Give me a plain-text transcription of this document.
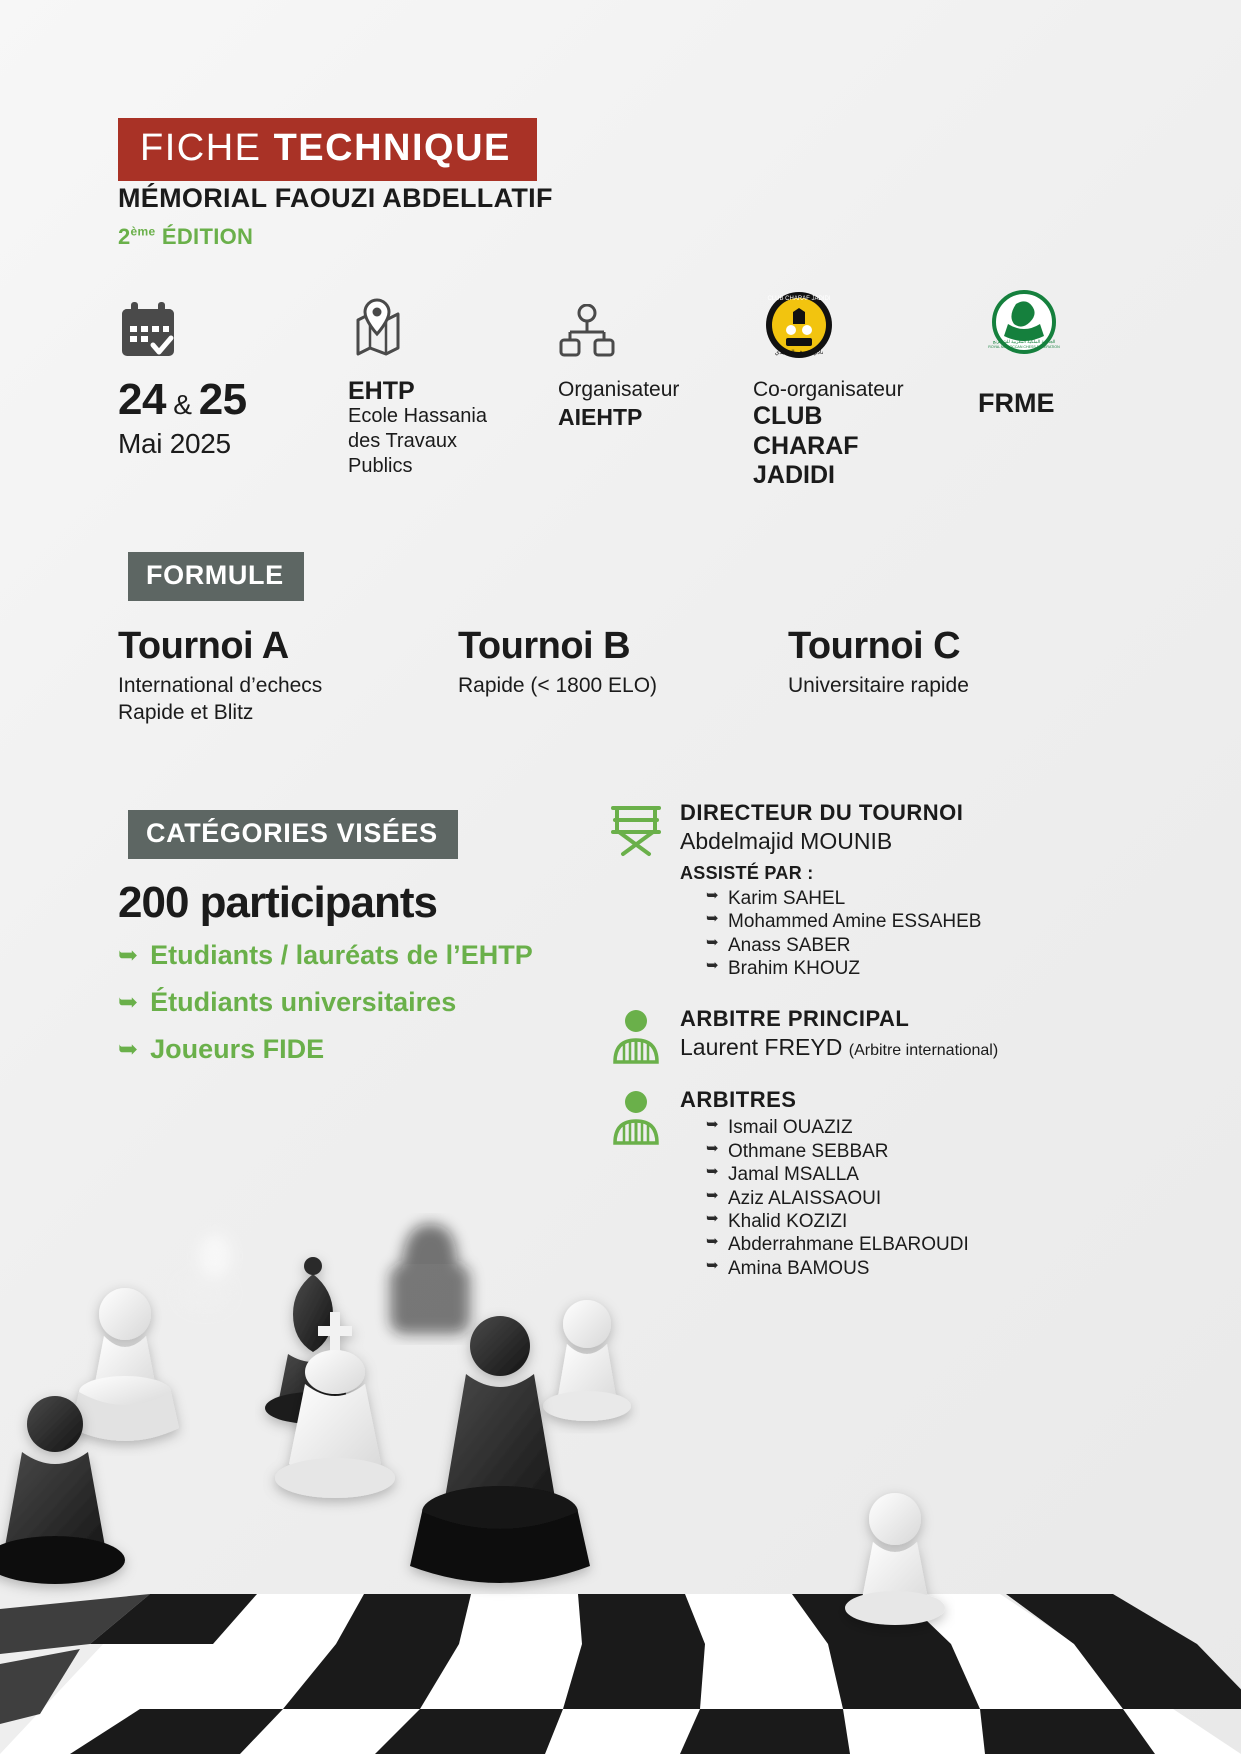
FICHE TECHNIQUE
MÉMORIAL FAOUZI ABDELLATIF
2ème ÉDITION
24 & 25
Mai 2025
EHTP
Ecole Hassania
des Travaux
Publics
Organisateur
AIEHTP
CLUB CHARAF JADIDI
نادي شرف الجديدي
Co-organisateur
CLUB
CHARAF
JADIDI
الجامعة الملكية المغربية للشطرنج
ROYAL MOROCCAN CHESS FEDERATION
FRME
FORMULE
Tournoi A
International d’echecs
Rapide et Blitz
Tournoi B
Rapide (< 1800 ELO)
Tournoi C
Universitaire rapide
CATÉGORIES VISÉES
200 participants
➥ Etudiants / lauréats de l’EHTP
➥ Étudiants universitaires
➥ Joueurs FIDE
DIRECTEUR DU TOURNOI
Abdelmajid MOUNIB
ASSISTÉ PAR :
➥ Karim SAHEL
➥ Mohammed Amine ESSAHEB
➥ Anass SABER
➥ Brahim KHOUZ
ARBITRE PRINCIPAL
Laurent FREYD (Arbitre international)
ARBITRES
➥ Ismail OUAZIZ
➥ Othmane SEBBAR
➥ Jamal MSALLA
➥ Aziz ALAISSAOUI
➥ Khalid KOZIZI
➥ Abderrahmane ELBAROUDI
➥ Amina BAMOUS
